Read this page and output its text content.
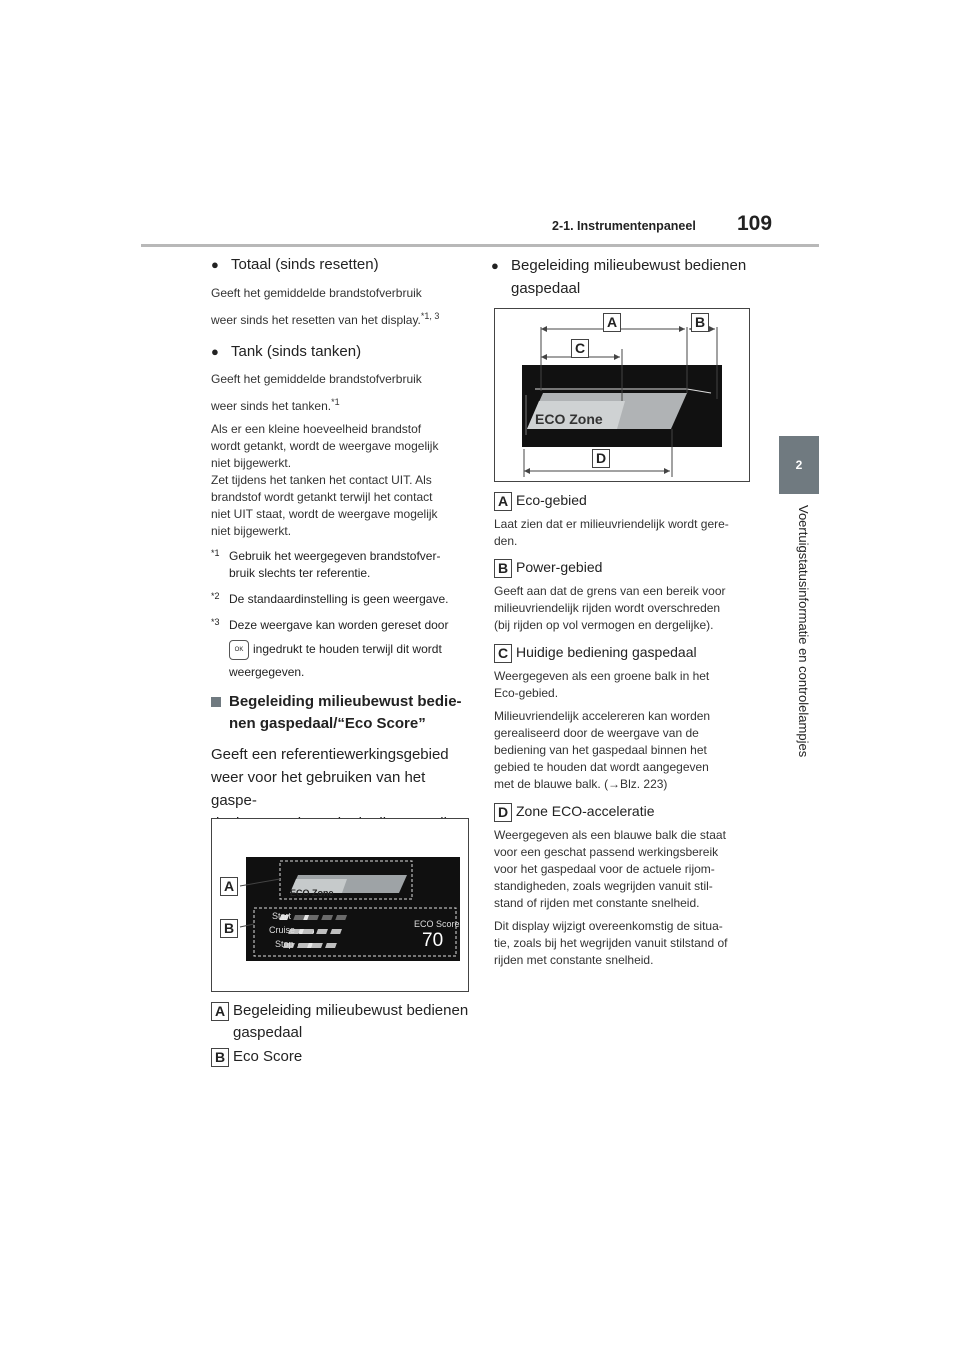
2-1. Instrumentenpaneel 109
2
Voertuigstatusinformatie en controlelampjes
● Totaal (sinds resetten)
Geeft het gemiddelde brandstofverbruik
weer sinds het resetten van het display.$^{*1, 3}$
● Tank (sinds tanken)
Geeft het gemiddelde brandstofverbruik
weer sinds het tanken.$^{*1}$
Als er een kleine hoeveelheid brandstof
wordt getankt, wordt de weergave mogelijk
niet bijgewerkt.
Zet tijdens het tanken het contact UIT. Als
brandstof wordt getankt terwijl het contact
niet UIT staat, wordt de weergave mogelijk
niet bijgewerkt.
*1 Gebruik het weergegeven brandstofver-
bruik slechts ter referentie.
*2 De standaardinstelling is geen weergave.
*3 Deze weergave kan worden gereset door
OK ingedrukt te houden terwijl dit wordt
weergegeven.
Begeleiding milieubewust bedie-
nen gaspedaal/“Eco Score”
Geeft een referentiewerkingsgebied
weer voor het gebruiken van het gaspe-
A
B
ECO Zone
Start
Cruise
Stop
ECO Score
70
A Begeleiding milieubewust bedienen
gaspedaal
B Eco Score
● Begeleiding milieubewust bedienen
gaspedaal
A	B
C
D
ECO Zone
A Eco-gebied
Laat zien dat er milieuvriendelijk wordt gere-
den.
B Power-gebied
Geeft aan dat de grens van een bereik voor
milieuvriendelijk rijden wordt overschreden
(bij rijden op vol vermogen en dergelijke).
C Huidige bediening gaspedaal
Weergegeven als een groene balk in het
Eco-gebied.
Milieuvriendelijk accelereren kan worden
gerealiseerd door de weergave van de
bediening van het gaspedaal binnen het
gebied te houden dat wordt aangegeven
met de blauwe balk. (→Blz. 223)
D Zone ECO-acceleratie
Weergegeven als een blauwe balk die staat
voor een geschat passend werkingsbereik
voor het gaspedaal voor de actuele rijom-
standigheden, zoals wegrijden vanuit stil-
stand of rijden met constante snelheid.
Dit display wijzigt overeenkomstig de situa-
tie, zoals bij het wegrijden vanuit stilstand of
rijden met constante snelheid.
